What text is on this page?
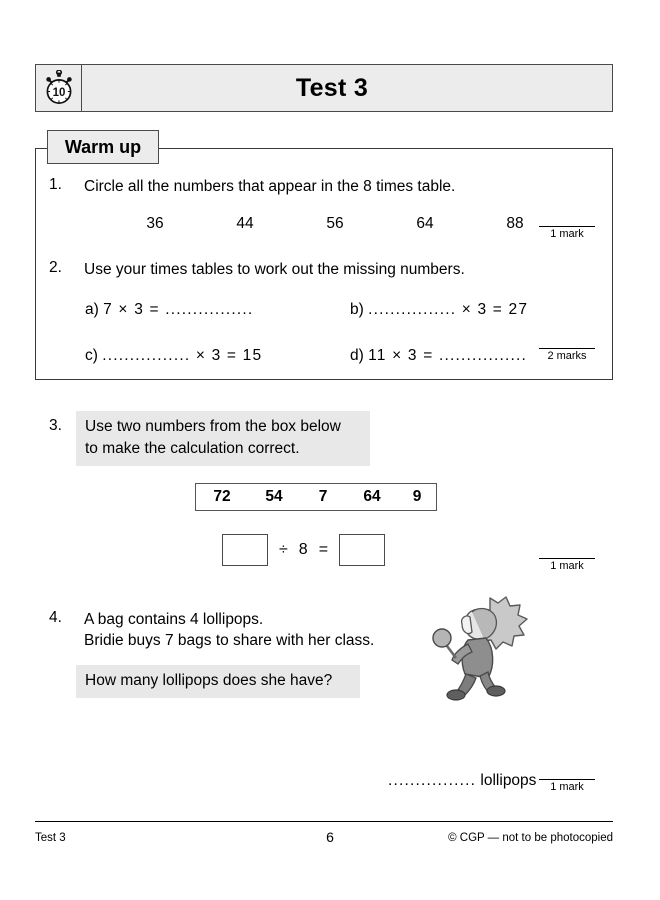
10	Test 3
Warm up
1. Circle all the numbers that appear in the 8 times table.
36	44	56	64	88
1 mark
2. Use your times tables to work out the missing numbers.
a) 7 × 3 = ................	b) ................ × 3 = 27
c) ................ × 3 = 15	d) 11 × 3 = ................	2 marks
3. Use two numbers from the box below
to make the calculation correct.
72	54	7	64	9
÷ 8 =
1 mark
4. A bag contains 4 lollipops.
Bridie buys 7 bags to share with her class.
How many lollipops does she have?
................ lollipops	1 mark
Test 3	6	© CGP — not to be photocopied
